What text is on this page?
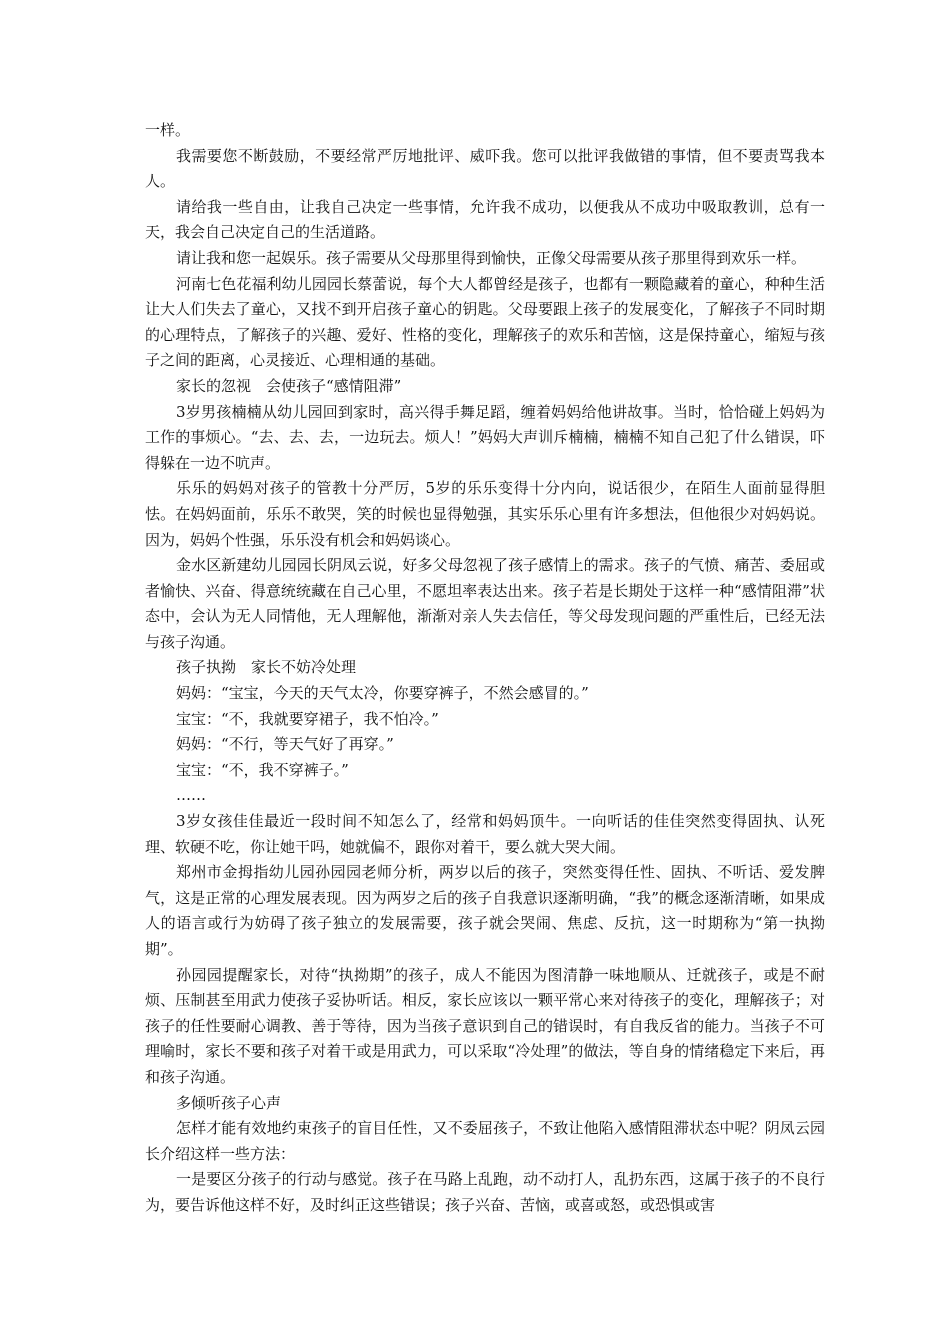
一样。

我需要您不断鼓励，不要经常严厉地批评、威吓我。您可以批评我做错的事情，但不要责骂我本人。

请给我一些自由，让我自己决定一些事情，允许我不成功，以便我从不成功中吸取教训，总有一天，我会自己决定自己的生活道路。

请让我和您一起娱乐。孩子需要从父母那里得到愉快，正像父母需要从孩子那里得到欢乐一样。

河南七色花福利幼儿园园长蔡蕾说，每个大人都曾经是孩子，也都有一颗隐藏着的童心，种种生活让大人们失去了童心，又找不到开启孩子童心的钥匙。父母要跟上孩子的发展变化，了解孩子不同时期的心理特点，了解孩子的兴趣、爱好、性格的变化，理解孩子的欢乐和苦恼，这是保持童心，缩短与孩子之间的距离，心灵接近、心理相通的基础。

家长的忽视　会使孩子“感情阻滞”

3岁男孩楠楠从幼儿园回到家时，高兴得手舞足蹈，缠着妈妈给他讲故事。当时，恰恰碰上妈妈为工作的事烦心。“去、去、去，一边玩去。烦人！”妈妈大声训斥楠楠，楠楠不知自己犯了什么错误，吓得躲在一边不吭声。

乐乐的妈妈对孩子的管教十分严厉，5岁的乐乐变得十分内向，说话很少，在陌生人面前显得胆怯。在妈妈面前，乐乐不敢哭，笑的时候也显得勉强，其实乐乐心里有许多想法，但他很少对妈妈说。因为，妈妈个性强，乐乐没有机会和妈妈谈心。

金水区新建幼儿园园长阴凤云说，好多父母忽视了孩子感情上的需求。孩子的气愤、痛苦、委屈或者愉快、兴奋、得意统统藏在自己心里，不愿坦率表达出来。孩子若是长期处于这样一种“感情阻滞”状态中，会认为无人同情他，无人理解他，渐渐对亲人失去信任，等父母发现问题的严重性后，已经无法与孩子沟通。

孩子执拗　家长不妨冷处理

妈妈：“宝宝，今天的天气太冷，你要穿裤子，不然会感冒的。”

宝宝：“不，我就要穿裙子，我不怕冷。”

妈妈：“不行，等天气好了再穿。”

宝宝：“不，我不穿裤子。”

……

3岁女孩佳佳最近一段时间不知怎么了，经常和妈妈顶牛。一向听话的佳佳突然变得固执、认死理、软硬不吃，你让她干吗，她就偏不，跟你对着干，要么就大哭大闹。

郑州市金拇指幼儿园孙园园老师分析，两岁以后的孩子，突然变得任性、固执、不听话、爱发脾气，这是正常的心理发展表现。因为两岁之后的孩子自我意识逐渐明确，“我”的概念逐渐清晰，如果成人的语言或行为妨碍了孩子独立的发展需要，孩子就会哭闹、焦虑、反抗，这一时期称为“第一执拗期”。

孙园园提醒家长，对待“执拗期”的孩子，成人不能因为图清静一味地顺从、迁就孩子，或是不耐烦、压制甚至用武力使孩子妥协听话。相反，家长应该以一颗平常心来对待孩子的变化，理解孩子；对孩子的任性要耐心调教、善于等待，因为当孩子意识到自己的错误时，有自我反省的能力。当孩子不可理喻时，家长不要和孩子对着干或是用武力，可以采取“冷处理”的做法，等自身的情绪稳定下来后，再和孩子沟通。

多倾听孩子心声

怎样才能有效地约束孩子的盲目任性，又不委屈孩子，不致让他陷入感情阻滞状态中呢？阴凤云园长介绍这样一些方法：

一是要区分孩子的行动与感觉。孩子在马路上乱跑，动不动打人，乱扔东西，这属于孩子的不良行为，要告诉他这样不好，及时纠正这些错误；孩子兴奋、苦恼，或喜或怒，或恐惧或害
